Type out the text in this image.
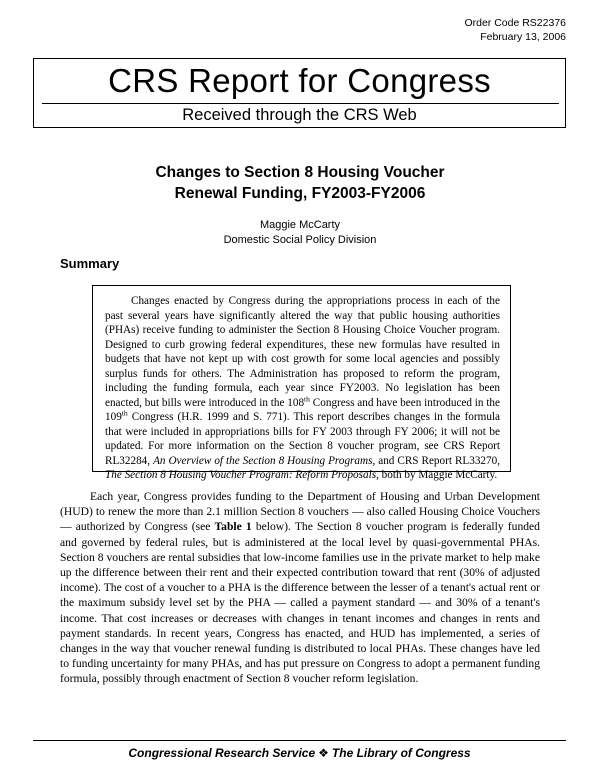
Order Code RS22376
February 13, 2006
CRS Report for Congress
Received through the CRS Web
Changes to Section 8 Housing Voucher
Renewal Funding, FY2003-FY2006
Maggie McCarty
Domestic Social Policy Division
Summary
Changes enacted by Congress during the appropriations process in each of the past several years have significantly altered the way that public housing authorities (PHAs) receive funding to administer the Section 8 Housing Choice Voucher program. Designed to curb growing federal expenditures, these new formulas have resulted in budgets that have not kept up with cost growth for some local agencies and possibly surplus funds for others. The Administration has proposed to reform the program, including the funding formula, each year since FY2003. No legislation has been enacted, but bills were introduced in the 108th Congress and have been introduced in the 109th Congress (H.R. 1999 and S. 771). This report describes changes in the formula that were included in appropriations bills for FY 2003 through FY 2006; it will not be updated. For more information on the Section 8 voucher program, see CRS Report RL32284, An Overview of the Section 8 Housing Programs, and CRS Report RL33270, The Section 8 Housing Voucher Program: Reform Proposals, both by Maggie McCarty.
Each year, Congress provides funding to the Department of Housing and Urban Development (HUD) to renew the more than 2.1 million Section 8 vouchers — also called Housing Choice Vouchers — authorized by Congress (see Table 1 below). The Section 8 voucher program is federally funded and governed by federal rules, but is administered at the local level by quasi-governmental PHAs. Section 8 vouchers are rental subsidies that low-income families use in the private market to help make up the difference between their rent and their expected contribution toward that rent (30% of adjusted income). The cost of a voucher to a PHA is the difference between the lesser of a tenant's actual rent or the maximum subsidy level set by the PHA — called a payment standard — and 30% of a tenant's income. That cost increases or decreases with changes in tenant incomes and changes in rents and payment standards. In recent years, Congress has enacted, and HUD has implemented, a series of changes in the way that voucher renewal funding is distributed to local PHAs. These changes have led to funding uncertainty for many PHAs, and has put pressure on Congress to adopt a permanent funding formula, possibly through enactment of Section 8 voucher reform legislation.
Congressional Research Service ❖ The Library of Congress
